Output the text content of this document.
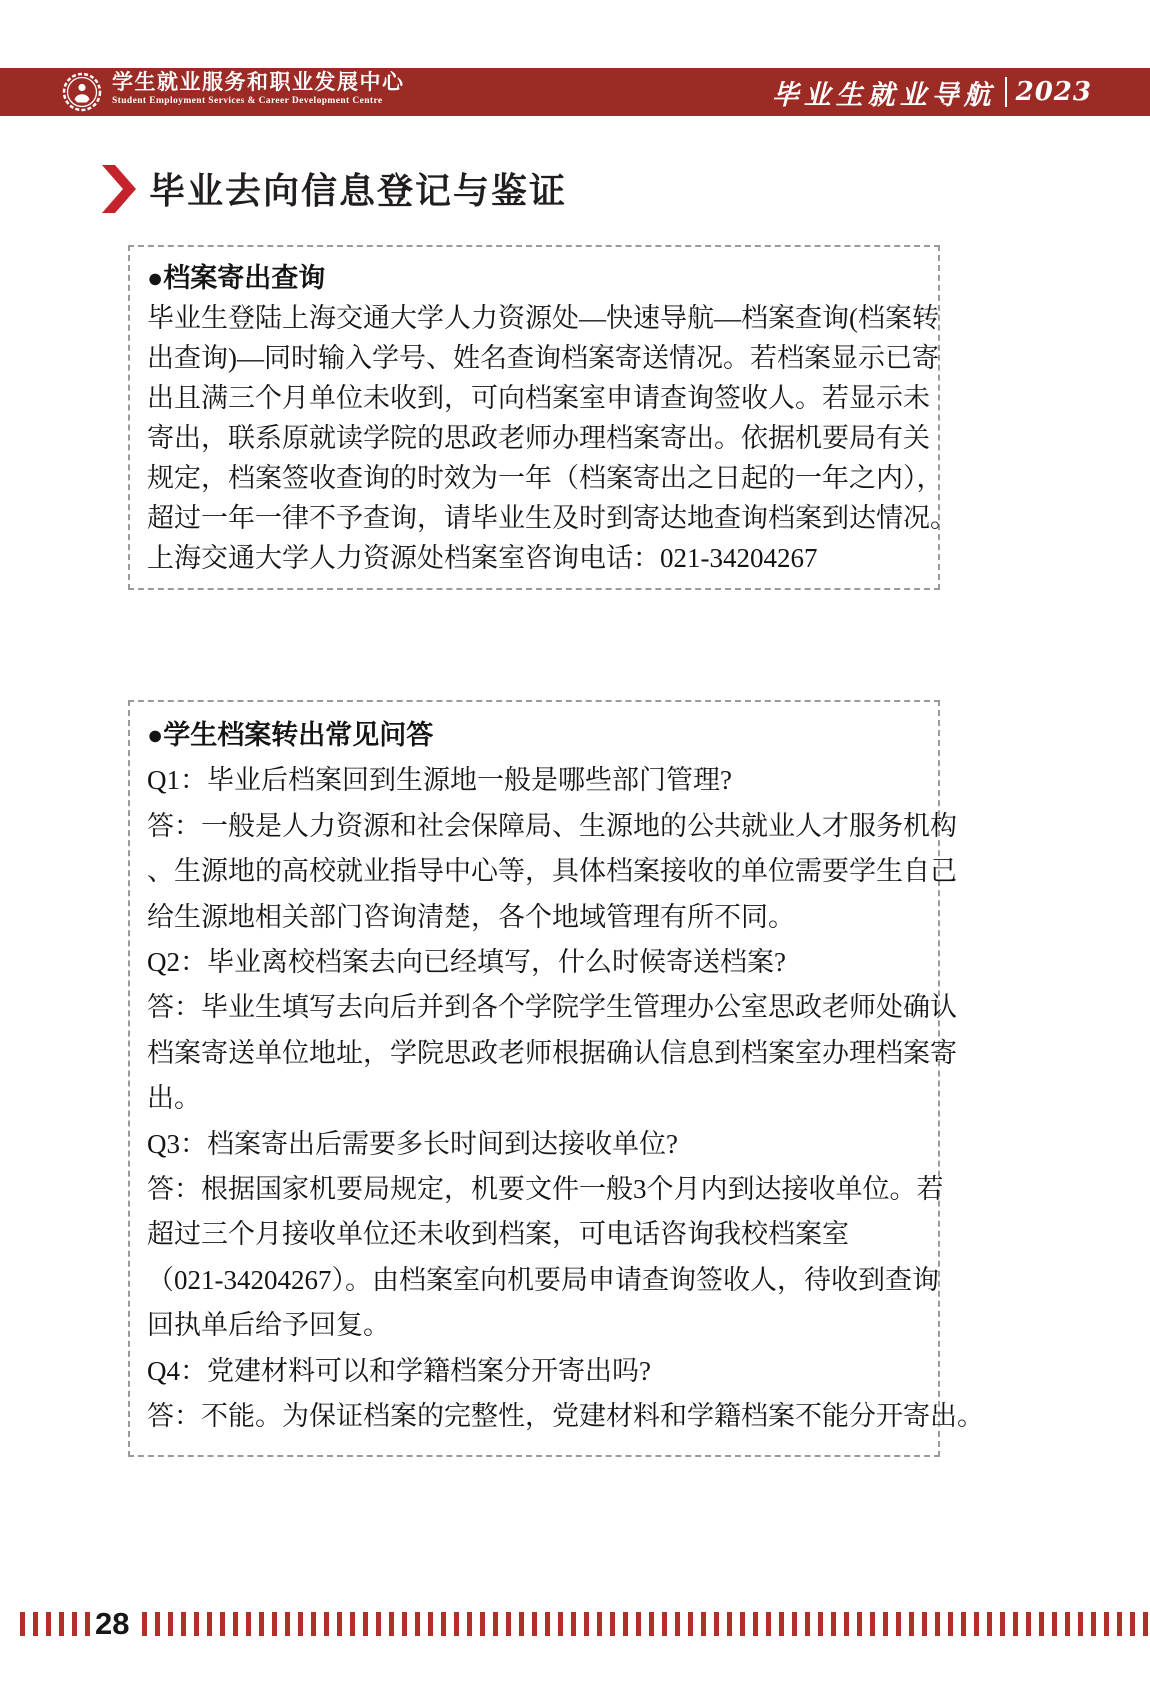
学生就业服务和职业发展中心
Student Employment Services & Career Development Centre	毕业生就业导航 2023
毕业去向信息登记与鉴证
●档案寄出查询
毕业生登陆上海交通大学人力资源处—快速导航—档案查询(档案转
出查询)—同时输入学号、姓名查询档案寄送情况。若档案显示已寄
出且满三个月单位未收到，可向档案室申请查询签收人。若显示未
寄出，联系原就读学院的思政老师办理档案寄出。依据机要局有关
规定，档案签收查询的时效为一年（档案寄出之日起的一年之内），
超过一年一律不予查询，请毕业生及时到寄达地查询档案到达情况。
上海交通大学人力资源处档案室咨询电话：021-34204267
●学生档案转出常见问答
Q1：毕业后档案回到生源地一般是哪些部门管理?
答：一般是人力资源和社会保障局、生源地的公共就业人才服务机构
、生源地的高校就业指导中心等，具体档案接收的单位需要学生自己
给生源地相关部门咨询清楚，各个地域管理有所不同。
Q2：毕业离校档案去向已经填写，什么时候寄送档案?
答：毕业生填写去向后并到各个学院学生管理办公室思政老师处确认
档案寄送单位地址，学院思政老师根据确认信息到档案室办理档案寄
出。
Q3：档案寄出后需要多长时间到达接收单位?
答：根据国家机要局规定，机要文件一般3个月内到达接收单位。若
超过三个月接收单位还未收到档案，可电话咨询我校档案室
（021-34204267）。由档案室向机要局申请查询签收人，待收到查询
回执单后给予回复。
Q4：党建材料可以和学籍档案分开寄出吗?
答：不能。为保证档案的完整性，党建材料和学籍档案不能分开寄出。
28
